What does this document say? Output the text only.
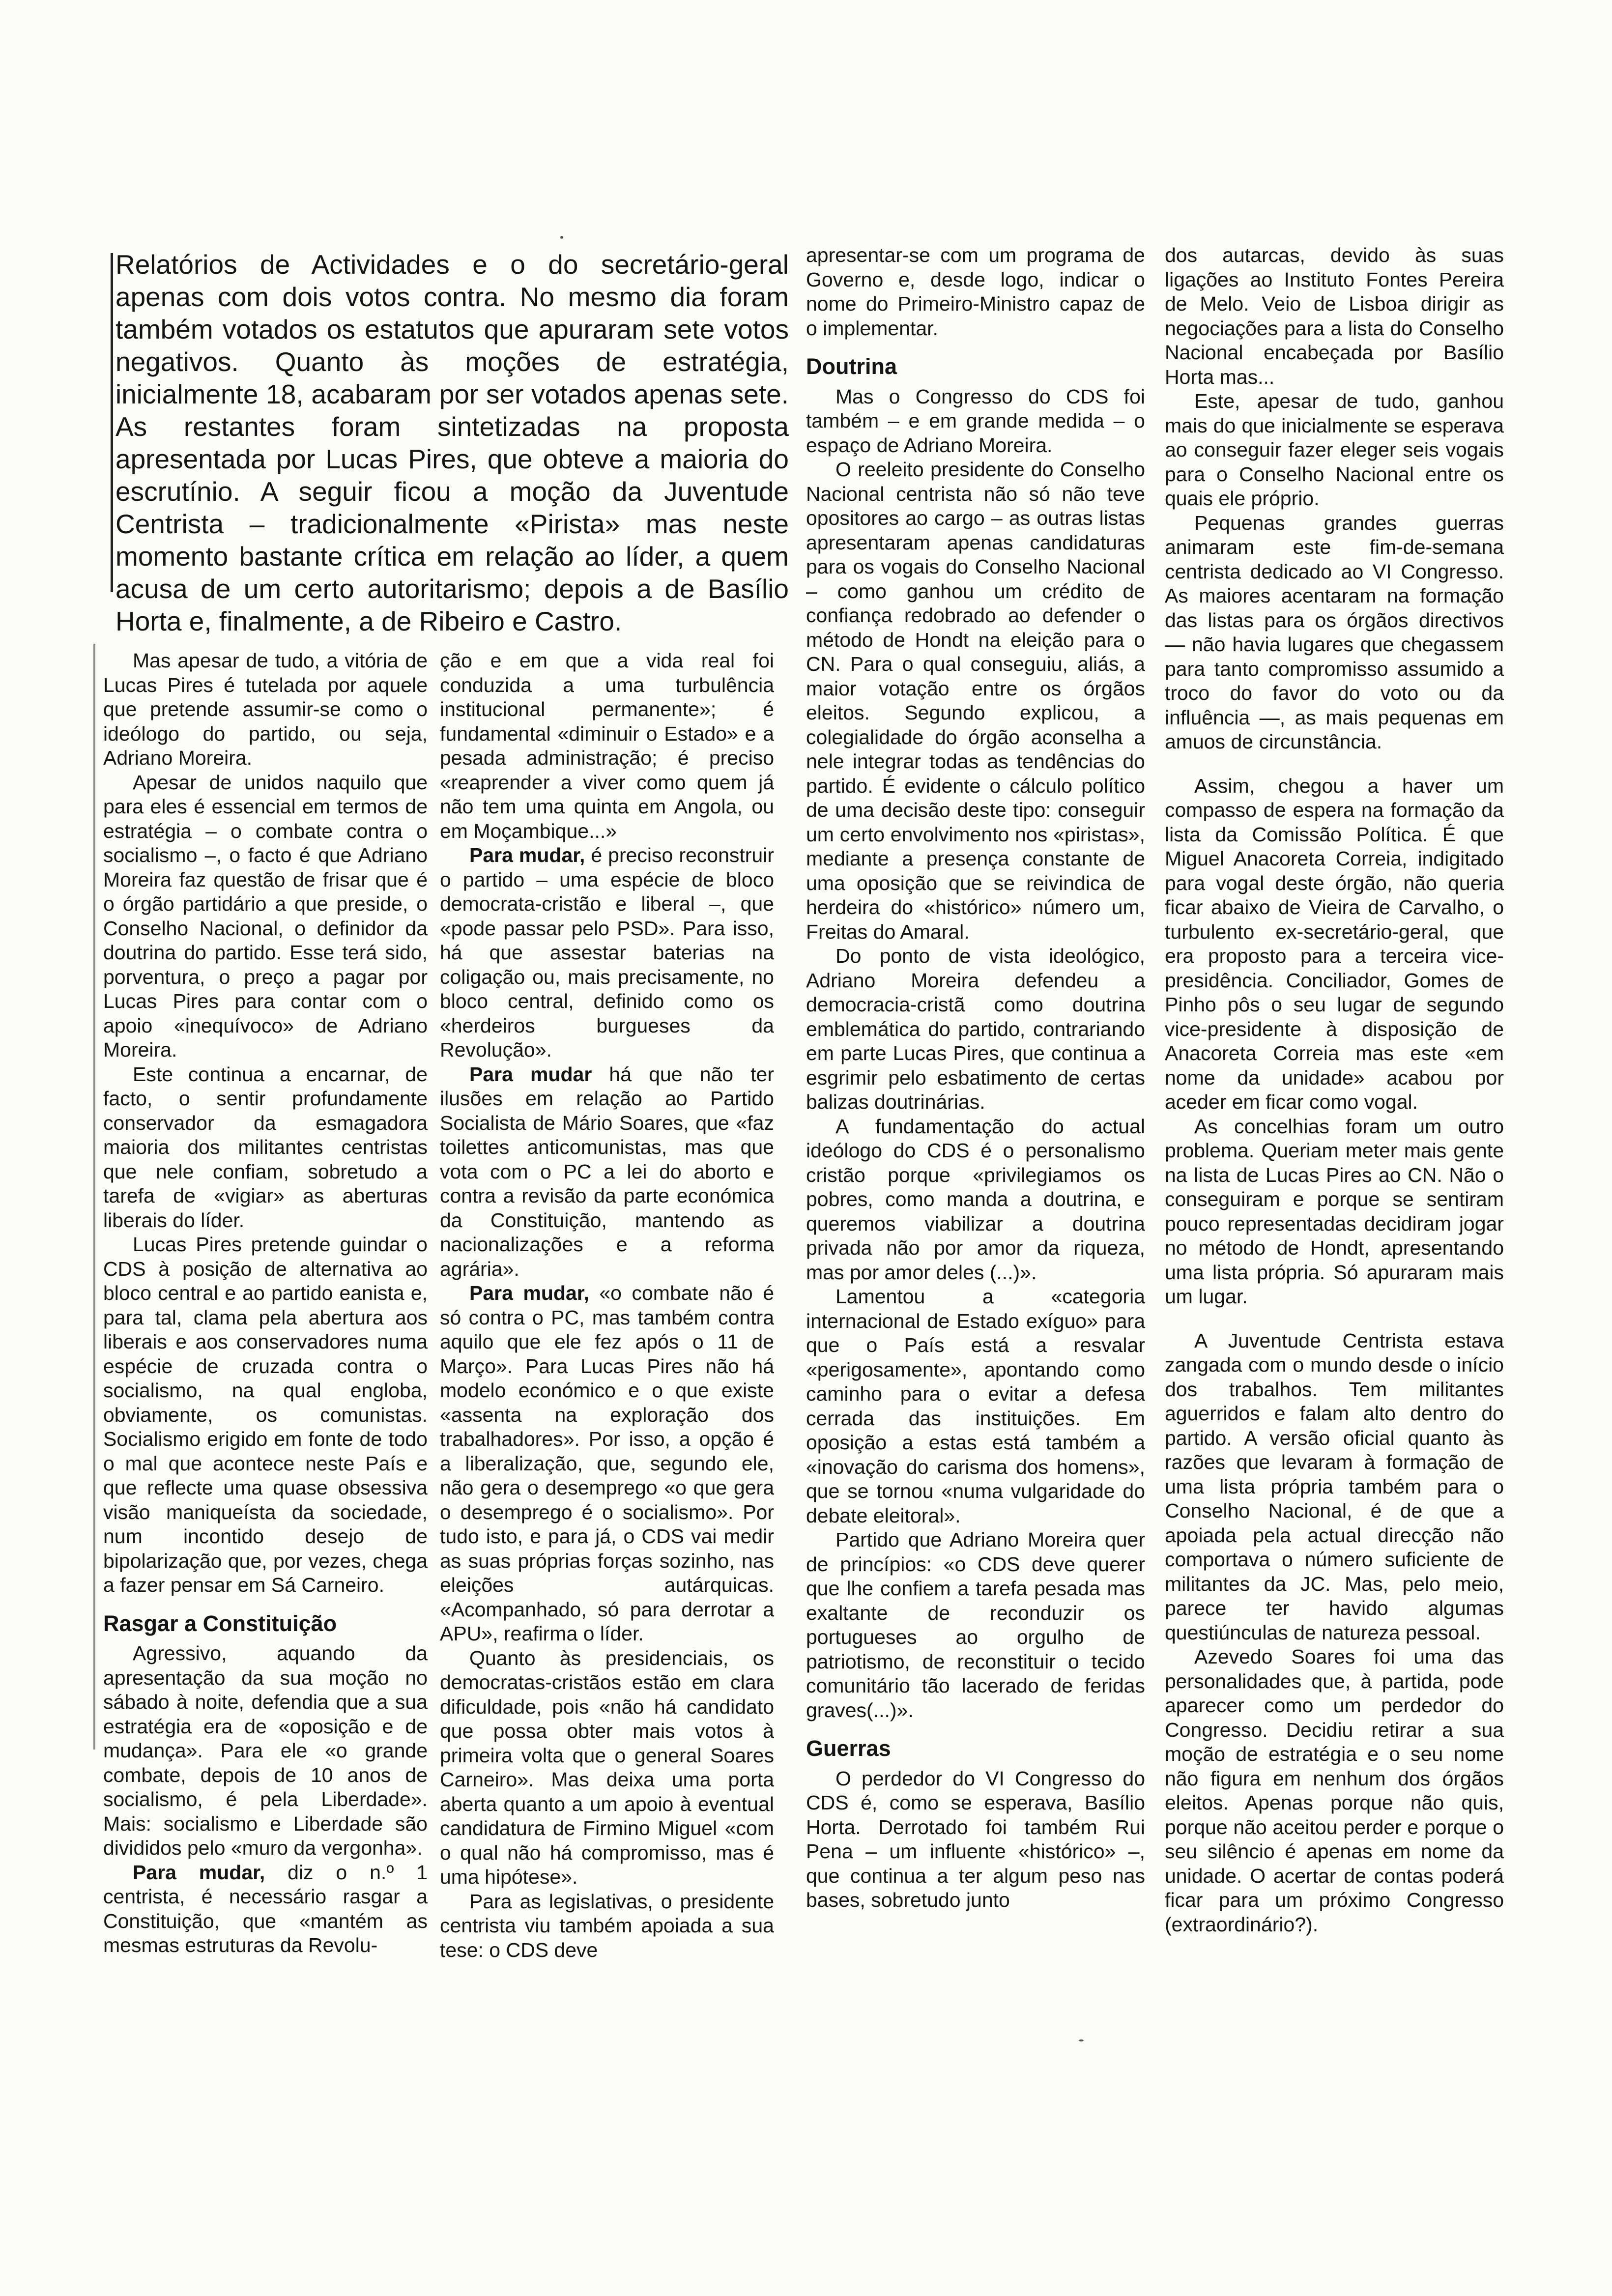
Relatórios de Actividades e o do secretário-geral apenas com dois votos contra. No mesmo dia foram também votados os estatutos que apuraram sete votos negativos. Quanto às moções de estratégia, inicialmente 18, acabaram por ser votados apenas sete. As restantes foram sintetizadas na proposta apresentada por Lucas Pires, que obteve a maioria do escrutínio. A seguir ficou a moção da Juventude Centrista – tradicionalmente «Pirista» mas neste momento bastante crítica em relação ao líder, a quem acusa de um certo autoritarismo; depois a de Basílio Horta e, finalmente, a de Ribeiro e Castro.

Mas apesar de tudo, a vitória de Lucas Pires é tutelada por aquele que pretende assumir-se como o ideólogo do partido, ou seja, Adriano Moreira.

Apesar de unidos naquilo que para eles é essencial em termos de estratégia – o combate contra o socialismo –, o facto é que Adriano Moreira faz questão de frisar que é o órgão partidário a que preside, o Conselho Nacional, o definidor da doutrina do partido. Esse terá sido, porventura, o preço a pagar por Lucas Pires para contar com o apoio «inequívoco» de Adriano Moreira.

Este continua a encarnar, de facto, o sentir profundamente conservador da esmagadora maioria dos militantes centristas que nele confiam, sobretudo a tarefa de «vigiar» as aberturas liberais do líder.

Lucas Pires pretende guindar o CDS à posição de alternativa ao bloco central e ao partido eanista e, para tal, clama pela abertura aos liberais e aos conservadores numa espécie de cruzada contra o socialismo, na qual engloba, obviamente, os comunistas. Socialismo erigido em fonte de todo o mal que acontece neste País e que reflecte uma quase obsessiva visão maniqueísta da sociedade, num incontido desejo de bipolarização que, por vezes, chega a fazer pensar em Sá Carneiro.

Rasgar a Constituição

Agressivo, aquando da apresentação da sua moção no sábado à noite, defendia que a sua estratégia era de «oposição e de mudança». Para ele «o grande combate, depois de 10 anos de socialismo, é pela Liberdade». Mais: socialismo e Liberdade são divididos pelo «muro da vergonha».

Para mudar, diz o n.º 1 centrista, é necessário rasgar a Constituição, que «mantém as mesmas estruturas da Revolu-

ção e em que a vida real foi conduzida a uma turbulência institucional permanente»; é fundamental «diminuir o Estado» e a pesada administração; é preciso «reaprender a viver como quem já não tem uma quinta em Angola, ou em Moçambique...»

Para mudar, é preciso reconstruir o partido – uma espécie de bloco democrata-cristão e liberal –, que «pode passar pelo PSD». Para isso, há que assestar baterias na coligação ou, mais precisamente, no bloco central, definido como os «herdeiros burgueses da Revolução».

Para mudar há que não ter ilusões em relação ao Partido Socialista de Mário Soares, que «faz toilettes anticomunistas, mas que vota com o PC a lei do aborto e contra a revisão da parte económica da Constituição, mantendo as nacionalizações e a reforma agrária».

Para mudar, «o combate não é só contra o PC, mas também contra aquilo que ele fez após o 11 de Março». Para Lucas Pires não há modelo económico e o que existe «assenta na exploração dos trabalhadores». Por isso, a opção é a liberalização, que, segundo ele, não gera o desemprego «o que gera o desemprego é o socialismo». Por tudo isto, e para já, o CDS vai medir as suas próprias forças sozinho, nas eleições autárquicas. «Acompanhado, só para derrotar a APU», reafirma o líder.

Quanto às presidenciais, os democratas-cristãos estão em clara dificuldade, pois «não há candidato que possa obter mais votos à primeira volta que o general Soares Carneiro». Mas deixa uma porta aberta quanto a um apoio à eventual candidatura de Firmino Miguel «com o qual não há compromisso, mas é uma hipótese».

Para as legislativas, o presidente centrista viu também apoiada a sua tese: o CDS deve

apresentar-se com um programa de Governo e, desde logo, indicar o nome do Primeiro-Ministro capaz de o implementar.

Doutrina

Mas o Congresso do CDS foi também – e em grande medida – o espaço de Adriano Moreira.

O reeleito presidente do Conselho Nacional centrista não só não teve opositores ao cargo – as outras listas apresentaram apenas candidaturas para os vogais do Conselho Nacional – como ganhou um crédito de confiança redobrado ao defender o método de Hondt na eleição para o CN. Para o qual conseguiu, aliás, a maior votação entre os órgãos eleitos. Segundo explicou, a colegialidade do órgão aconselha a nele integrar todas as tendências do partido. É evidente o cálculo político de uma decisão deste tipo: conseguir um certo envolvimento nos «piristas», mediante a presença constante de uma oposição que se reivindica de herdeira do «histórico» número um, Freitas do Amaral.

Do ponto de vista ideológico, Adriano Moreira defendeu a democracia-cristã como doutrina emblemática do partido, contrariando em parte Lucas Pires, que continua a esgrimir pelo esbatimento de certas balizas doutrinárias.

A fundamentação do actual ideólogo do CDS é o personalismo cristão porque «privilegiamos os pobres, como manda a doutrina, e queremos viabilizar a doutrina privada não por amor da riqueza, mas por amor deles (...)».

Lamentou a «categoria internacional de Estado exíguo» para que o País está a resvalar «perigosamente», apontando como caminho para o evitar a defesa cerrada das instituições. Em oposição a estas está também a «inovação do carisma dos homens», que se tornou «numa vulgaridade do debate eleitoral».

Partido que Adriano Moreira quer de princípios: «o CDS deve querer que lhe confiem a tarefa pesada mas exaltante de reconduzir os portugueses ao orgulho de patriotismo, de reconstituir o tecido comunitário tão lacerado de feridas graves(...)».

Guerras

O perdedor do VI Congresso do CDS é, como se esperava, Basílio Horta. Derrotado foi também Rui Pena – um influente «histórico» –, que continua a ter algum peso nas bases, sobretudo junto

dos autarcas, devido às suas ligações ao Instituto Fontes Pereira de Melo. Veio de Lisboa dirigir as negociações para a lista do Conselho Nacional encabeçada por Basílio Horta mas...

Este, apesar de tudo, ganhou mais do que inicialmente se esperava ao conseguir fazer eleger seis vogais para o Conselho Nacional entre os quais ele próprio.

Pequenas grandes guerras animaram este fim-de-semana centrista dedicado ao VI Congresso. As maiores acentaram na formação das listas para os órgãos directivos — não havia lugares que chegassem para tanto compromisso assumido a troco do favor do voto ou da influência —, as mais pequenas em amuos de circunstância.

Assim, chegou a haver um compasso de espera na formação da lista da Comissão Política. É que Miguel Anacoreta Correia, indigitado para vogal deste órgão, não queria ficar abaixo de Vieira de Carvalho, o turbulento ex-secretário-geral, que era proposto para a terceira vice-presidência. Conciliador, Gomes de Pinho pôs o seu lugar de segundo vice-presidente à disposição de Anacoreta Correia mas este «em nome da unidade» acabou por aceder em ficar como vogal.

As concelhias foram um outro problema. Queriam meter mais gente na lista de Lucas Pires ao CN. Não o conseguiram e porque se sentiram pouco representadas decidiram jogar no método de Hondt, apresentando uma lista própria. Só apuraram mais um lugar.

A Juventude Centrista estava zangada com o mundo desde o início dos trabalhos. Tem militantes aguerridos e falam alto dentro do partido. A versão oficial quanto às razões que levaram à formação de uma lista própria também para o Conselho Nacional, é de que a apoiada pela actual direcção não comportava o número suficiente de militantes da JC. Mas, pelo meio, parece ter havido algumas questiúnculas de natureza pessoal.

Azevedo Soares foi uma das personalidades que, à partida, pode aparecer como um perdedor do Congresso. Decidiu retirar a sua moção de estratégia e o seu nome não figura em nenhum dos órgãos eleitos. Apenas porque não quis, porque não aceitou perder e porque o seu silêncio é apenas em nome da unidade. O acertar de contas poderá ficar para um próximo Congresso (extraordinário?).
